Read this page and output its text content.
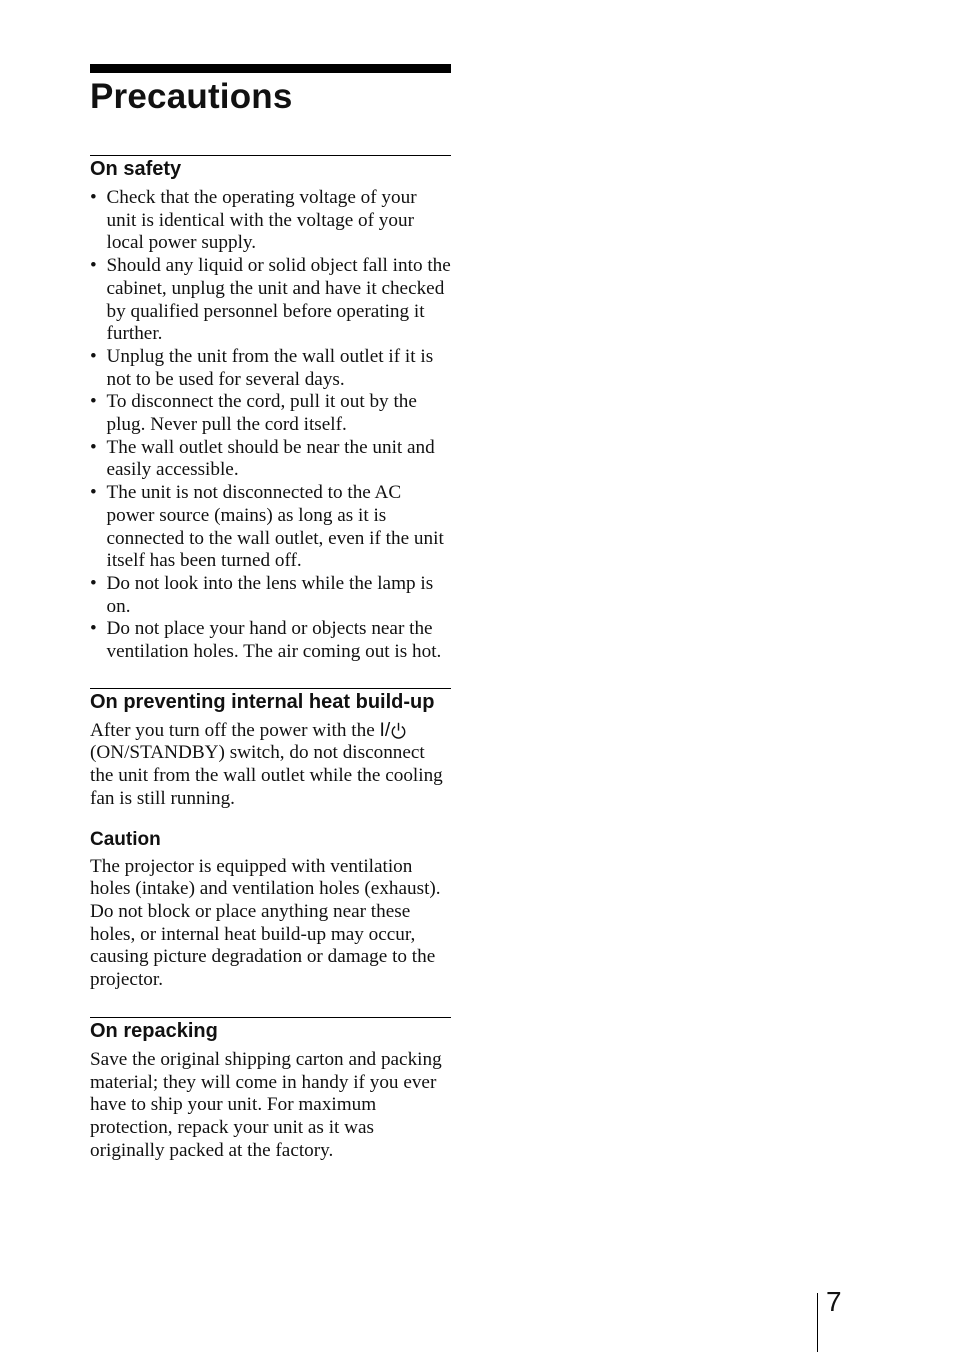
Precautions
On safety
• Check that the operating voltage of your unit is identical with the voltage of your local power supply.
• Should any liquid or solid object fall into the cabinet, unplug the unit and have it checked by qualified personnel before operating it further.
• Unplug the unit from the wall outlet if it is not to be used for several days.
• To disconnect the cord, pull it out by the plug. Never pull the cord itself.
• The wall outlet should be near the unit and easily accessible.
• The unit is not disconnected to the AC power source (mains) as long as it is connected to the wall outlet, even if the unit itself has been turned off.
• Do not look into the lens while the lamp is on.
• Do not place your hand or objects near the ventilation holes. The air coming out is hot.
On preventing internal heat build-up

After you turn off the power with the I/
(ON/STANDBY) switch, do not disconnect the unit from the wall outlet while the cooling fan is still running.

Caution

The projector is equipped with ventilation holes (intake) and ventilation holes (exhaust). Do not block or place anything near these holes, or internal heat build-up may occur, causing picture degradation or damage to the projector.

On repacking

Save the original shipping carton and packing material; they will come in handy if you ever have to ship your unit. For maximum protection, repack your unit as it was originally packed at the factory.

7
